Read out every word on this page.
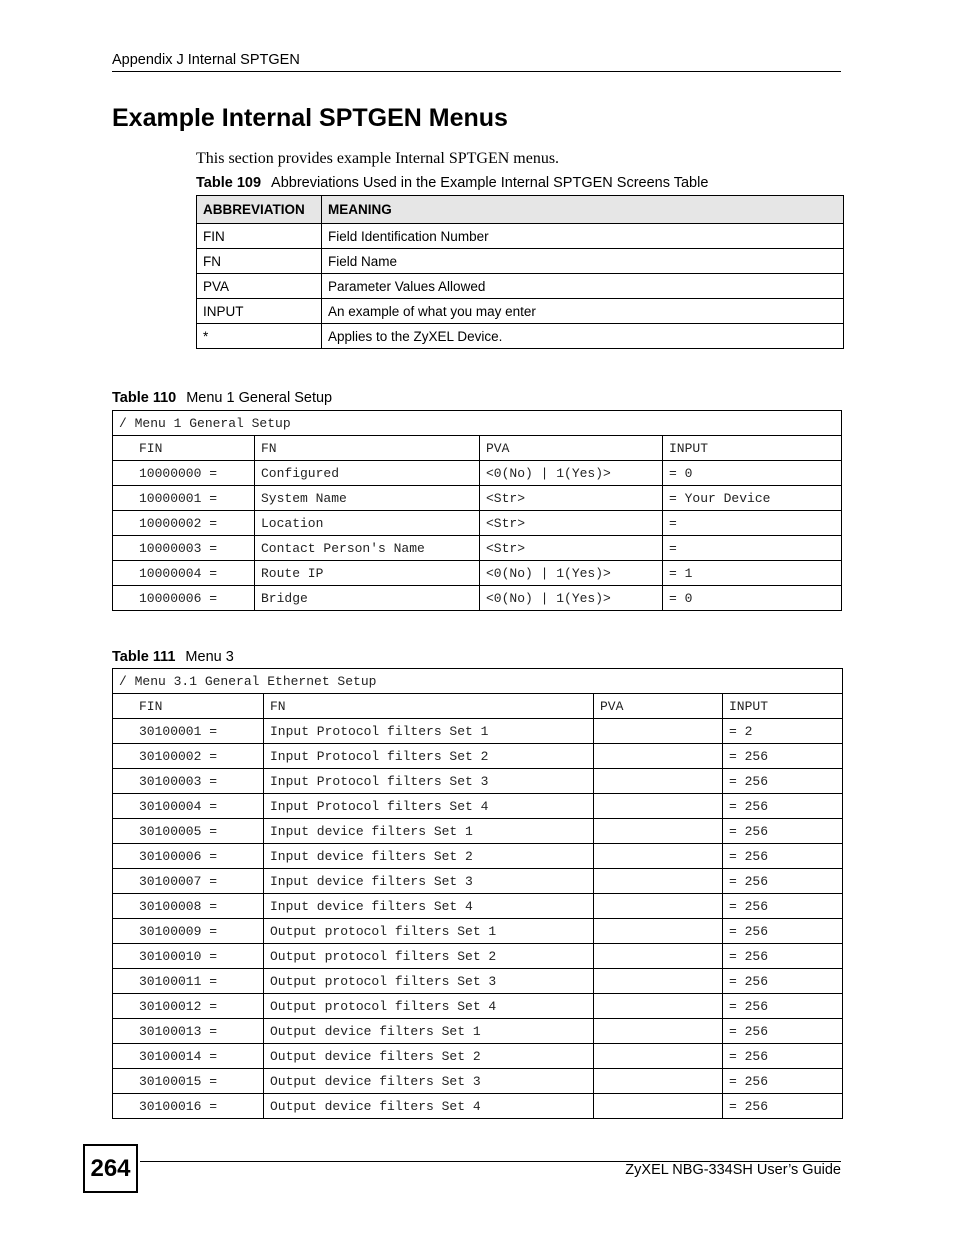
Appendix J Internal SPTGEN
Example Internal SPTGEN Menus
This section provides example Internal SPTGEN menus.
Table 109 Abbreviations Used in the Example Internal SPTGEN Screens Table
ABBREVIATION	MEANING
FIN	Field Identification Number
FN	Field Name
PVA	Parameter Values Allowed
INPUT	An example of what you may enter
*	Applies to the ZyXEL Device.
Table 110 Menu 1 General Setup
/ Menu 1 General Setup			
FIN	FN	PVA	INPUT
10000000 =	Configured	<0(No) | 1(Yes)>	= 0
10000001 =	System Name	<Str>	= Your Device
10000002 =	Location	<Str>	=
10000003 =	Contact Person's Name	<Str>	=
10000004 =	Route IP	<0(No) | 1(Yes)>	= 1
10000006 =	Bridge	<0(No) | 1(Yes)>	= 0
Table 111 Menu 3
/ Menu 3.1 General Ethernet Setup			
FIN	FN	PVA	INPUT
30100001 =	Input Protocol filters Set 1		= 2
30100002 =	Input Protocol filters Set 2		= 256
30100003 =	Input Protocol filters Set 3		= 256
30100004 =	Input Protocol filters Set 4		= 256
30100005 =	Input device filters Set 1		= 256
30100006 =	Input device filters Set 2		= 256
30100007 =	Input device filters Set 3		= 256
30100008 =	Input device filters Set 4		= 256
30100009 =	Output protocol filters Set 1		= 256
30100010 =	Output protocol filters Set 2		= 256
30100011 =	Output protocol filters Set 3		= 256
30100012 =	Output protocol filters Set 4		= 256
30100013 =	Output device filters Set 1		= 256
30100014 =	Output device filters Set 2		= 256
30100015 =	Output device filters Set 3		= 256
30100016 =	Output device filters Set 4		= 256
264	ZyXEL NBG-334SH User’s Guide
